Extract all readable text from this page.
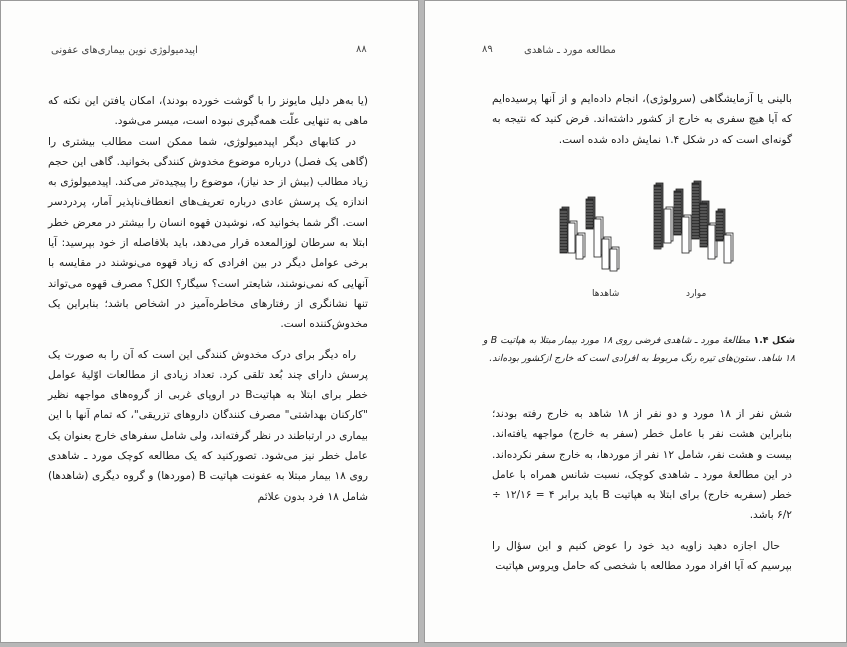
۸۸
اپیدمیولوژی نوین بیماری‌های عفونی

(یا به‌هر دلیل مایونز را با گوشت خورده بودند)، امکان یافتن این نکته که ماهی به تنهایی علّت همه‌گیری نبوده است، میسر می‌شود.

در کتابهای دیگر اپیدمیولوژی، شما ممکن است مطالب بیشتری را (گاهی یک فصل) درباره موضوع مخدوش کنندگی بخوانید. گاهی این حجم زیاد مطالب (بیش از حد نیاز)، موضوع را پیچیده‌تر می‌کند. اپیدمیولوژی به اندازه یک پرسش عادی درباره تعریف‌های انعطاف‌ناپذیر آمار، پردردسر است. اگر شما بخوانید که، نوشیدن قهوه انسان را بیشتر در معرض خطر ابتلا به سرطان لوزالمعده قرار می‌دهد، باید بلافاصله از خود بپرسید: آیا برخی عوامل دیگر در بین افرادی که زیاد قهوه می‌نوشند در مقایسه با آنهایی که نمی‌نوشند، شایعتر است؟ سیگار؟ الکل؟ مصرف قهوه می‌تواند تنها نشانگری از رفتارهای مخاطره‌آمیز در اشخاص باشد؛ بنابراین یک مخدوش‌کننده است.

راه دیگر برای درک مخدوش کنندگی این است که آن را به صورت یک پرسش دارای چند بُعد تلقی کرد. تعداد زیادی از مطالعات اوّلیهٔ عوامل خطر برای ابتلا به هپاتیتB در اروپای غربی از گروه‌های مواجهه نظیر "کارکنان بهداشتی" مصرف کنندگان داروهای تزریقی"، که تمام آنها با این بیماری در ارتباطند در نظر گرفته‌اند، ولی شامل سفرهای خارج بعنوان یک عامل خطر نیز می‌شود. تصورکنید که یک مطالعه کوچک مورد ـ شاهدی روی ۱۸ بیمار مبتلا به عفونت هپاتیت B (موردها) و گروه دیگری (شاهدها) شامل ۱۸ فرد بدون علائم

۸۹	مطالعه مورد ـ شاهدی
بالینی یا آزمایشگاهی (سرولوژی)، انجام داده‌ایم و از آنها پرسیده‌ایم که آیا هیچ سفری به خارج از کشور داشته‌اند. فرض کنید که نتیجه به گونه‌ای است که در شکل ۱.۴ نمایش داده شده است.
شاهدها	موارد

شکل ۱.۴ مطالعهٔ مورد ـ شاهدی فرضی روی ۱۸ مورد بیمار مبتلا به هپاتیت B و ۱۸ شاهد. ستون‌های تیره رنگ مربوط به افرادی است که خارج ازکشور بوده‌اند.

شش نفر از ۱۸ مورد و دو نفر از ۱۸ شاهد به خارج رفته بودند؛ بنابراین هشت نفر با عامل خطر (سفر به خارج) مواجهه یافته‌اند. بیست و هشت نفر، شامل ۱۲ نفر از موردها، به خارج سفر نکرده‌اند. در این مطالعهٔ مورد ـ شاهدی کوچک، نسبت شانس همراه با عامل خطر (سفربه خارج) برای ابتلا به هپاتیت B باید برابر ۴ = ۱۲/۱۶ ÷ ۶/۲ باشد.

حال اجازه دهید زاویه دید خود را عوض کنیم و این سؤال را بپرسیم که آیا افراد مورد مطالعه با شخصی که حامل ویروس هپاتیت
